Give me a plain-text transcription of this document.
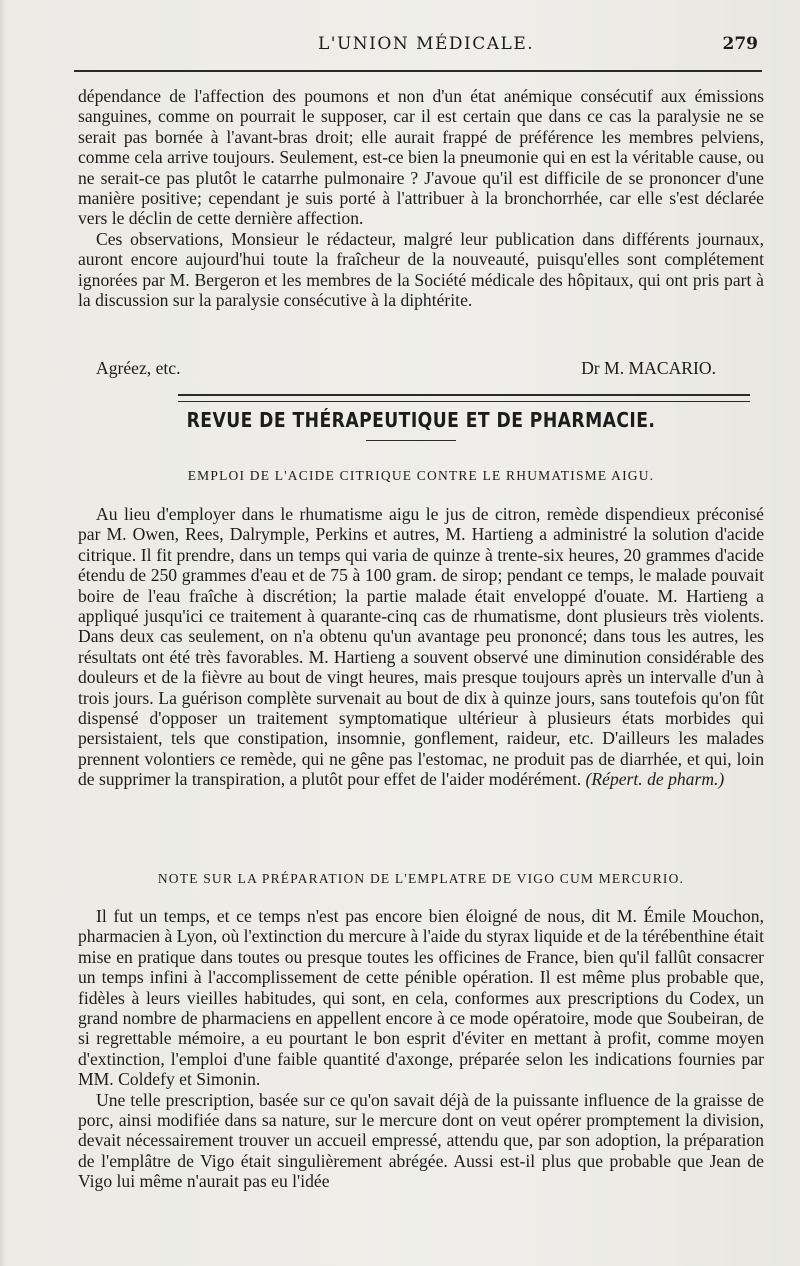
L'UNION MÉDICALE.	279

dépendance de l'affection des poumons et non d'un état anémique consécutif aux émissions sanguines, comme on pourrait le supposer, car il est certain que dans ce cas la paralysie ne se serait pas bornée à l'avant-bras droit; elle aurait frappé de préférence les membres pelviens, comme cela arrive toujours. Seulement, est-ce bien la pneumonie qui en est la véritable cause, ou ne serait-ce pas plutôt le catarrhe pulmonaire ? J'avoue qu'il est difficile de se prononcer d'une manière positive; cependant je suis porté à l'attribuer à la bronchorrhée, car elle s'est déclarée vers le déclin de cette dernière affection.

Ces observations, Monsieur le rédacteur, malgré leur publication dans différents journaux, auront encore aujourd'hui toute la fraîcheur de la nouveauté, puisqu'elles sont complétement ignorées par M. Bergeron et les membres de la Société médicale des hôpitaux, qui ont pris part à la discussion sur la paralysie consécutive à la diphtérite.

Agréez, etc.	Dr M. MACARIO.
REVUE DE THÉRAPEUTIQUE ET DE PHARMACIE.
EMPLOI DE L'ACIDE CITRIQUE CONTRE LE RHUMATISME AIGU.

Au lieu d'employer dans le rhumatisme aigu le jus de citron, remède dispendieux préconisé par M. Owen, Rees, Dalrymple, Perkins et autres, M. Hartieng a administré la solution d'acide citrique. Il fit prendre, dans un temps qui varia de quinze à trente-six heures, 20 grammes d'acide étendu de 250 grammes d'eau et de 75 à 100 gram. de sirop; pendant ce temps, le malade pouvait boire de l'eau fraîche à discrétion; la partie malade était enveloppé d'ouate. M. Hartieng a appliqué jusqu'ici ce traitement à quarante-cinq cas de rhumatisme, dont plusieurs très violents. Dans deux cas seulement, on n'a obtenu qu'un avantage peu prononcé; dans tous les autres, les résultats ont été très favorables. M. Hartieng a souvent observé une diminution considérable des douleurs et de la fièvre au bout de vingt heures, mais presque toujours après un intervalle d'un à trois jours. La guérison complète survenait au bout de dix à quinze jours, sans toutefois qu'on fût dispensé d'opposer un traitement symptomatique ultérieur à plusieurs états morbides qui persistaient, tels que constipation, insomnie, gonflement, raideur, etc. D'ailleurs les malades prennent volontiers ce remède, qui ne gêne pas l'estomac, ne produit pas de diarrhée, et qui, loin de supprimer la transpiration, a plutôt pour effet de l'aider modérément. (Répert. de pharm.)

NOTE SUR LA PRÉPARATION DE L'EMPLATRE DE VIGO CUM MERCURIO.

Il fut un temps, et ce temps n'est pas encore bien éloigné de nous, dit M. Émile Mouchon, pharmacien à Lyon, où l'extinction du mercure à l'aide du styrax liquide et de la térébenthine était mise en pratique dans toutes ou presque toutes les officines de France, bien qu'il fallût consacrer un temps infini à l'accomplissement de cette pénible opération. Il est même plus probable que, fidèles à leurs vieilles habitudes, qui sont, en cela, conformes aux prescriptions du Codex, un grand nombre de pharmaciens en appellent encore à ce mode opératoire, mode que Soubeiran, de si regrettable mémoire, a eu pourtant le bon esprit d'éviter en mettant à profit, comme moyen d'extinction, l'emploi d'une faible quantité d'axonge, préparée selon les indications fournies par MM. Coldefy et Simonin.

Une telle prescription, basée sur ce qu'on savait déjà de la puissante influence de la graisse de porc, ainsi modifiée dans sa nature, sur le mercure dont on veut opérer promptement la division, devait nécessairement trouver un accueil empressé, attendu que, par son adoption, la préparation de l'emplâtre de Vigo était singulièrement abrégée. Aussi est-il plus que probable que Jean de Vigo lui même n'aurait pas eu l'idée
